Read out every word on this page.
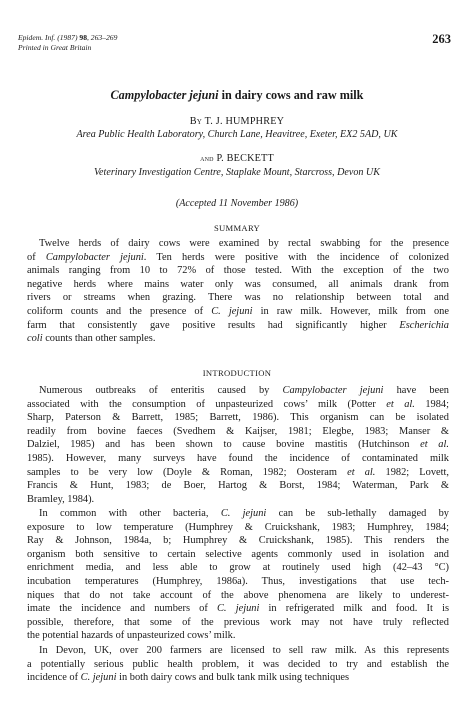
Epidem. Inf. (1987) 98, 263–269
Printed in Great Britain
263
Campylobacter jejuni in dairy cows and raw milk
By T. J. HUMPHREY
Area Public Health Laboratory, Church Lane, Heavitree, Exeter, EX2 5AD, UK
and P. BECKETT
Veterinary Investigation Centre, Staplake Mount, Starcross, Devon UK
(Accepted 11 November 1986)
SUMMARY
Twelve herds of dairy cows were examined by rectal swabbing for the presence
of Campylobacter jejuni. Ten herds were positive with the incidence of colonized
animals ranging from 10 to 72% of those tested. With the exception of the two
negative herds where mains water only was consumed, all animals drank from
rivers or streams when grazing. There was no relationship between total and
coliform counts and the presence of C. jejuni in raw milk. However, milk from one
farm that consistently gave positive results had significantly higher Escherichia
coli counts than other samples.
INTRODUCTION
Numerous outbreaks of enteritis caused by Campylobacter jejuni have been
associated with the consumption of unpasteurized cows’ milk (Potter et al. 1984;
Sharp, Paterson & Barrett, 1985; Barrett, 1986). This organism can be isolated
readily from bovine faeces (Svedhem & Kaijser, 1981; Elegbe, 1983; Manser &
Dalziel, 1985) and has been shown to cause bovine mastitis (Hutchinson et al.
1985). However, many surveys have found the incidence of contaminated milk
samples to be very low (Doyle & Roman, 1982; Oosteram et al. 1982; Lovett,
Francis & Hunt, 1983; de Boer, Hartog & Borst, 1984; Waterman, Park &
Bramley, 1984).
In common with other bacteria, C. jejuni can be sub-lethally damaged by
exposure to low temperature (Humphrey & Cruickshank, 1983; Humphrey, 1984;
Ray & Johnson, 1984a, b; Humphrey & Cruickshank, 1985). This renders the
organism both sensitive to certain selective agents commonly used in isolation and
enrichment media, and less able to grow at routinely used high (42–43 °C)
incubation temperatures (Humphrey, 1986a). Thus, investigations that use tech-
niques that do not take account of the above phenomena are likely to underest-
imate the incidence and numbers of C. jejuni in refrigerated milk and food. It is
possible, therefore, that some of the previous work may not have truly reflected
the potential hazards of unpasteurized cows’ milk.
In Devon, UK, over 200 farmers are licensed to sell raw milk. As this represents
a potentially serious public health problem, it was decided to try and establish the
incidence of C. jejuni in both dairy cows and bulk tank milk using techniques
